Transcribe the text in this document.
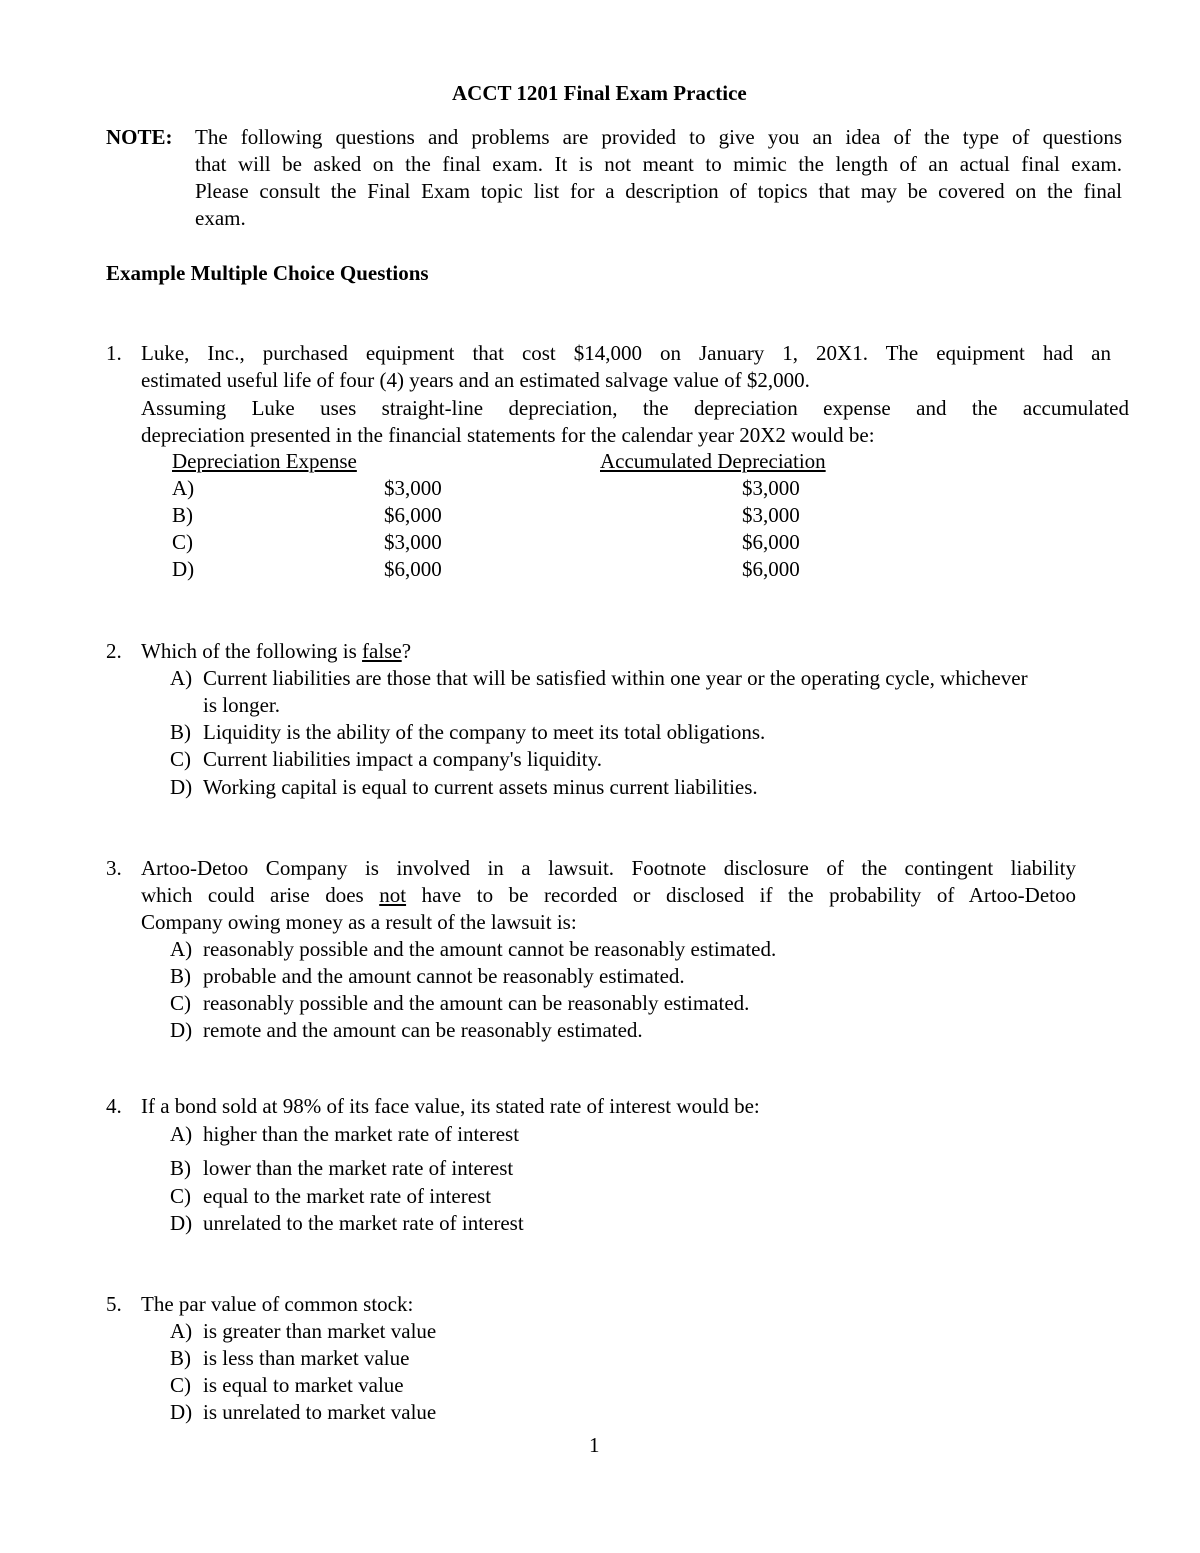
ACCT 1201 Final Exam Practice
NOTE: The following questions and problems are provided to give you an idea of the type of questions
that will be asked on the final exam. It is not meant to mimic the length of an actual final exam.
Please consult the Final Exam topic list for a description of topics that may be covered on the final
exam.
Example Multiple Choice Questions
1. Luke, Inc., purchased equipment that cost $14,000 on January 1, 20X1. The equipment had an
estimated useful life of four (4) years and an estimated salvage value of $2,000.
Assuming Luke uses straight-line depreciation, the depreciation expense and the accumulated
depreciation presented in the financial statements for the calendar year 20X2 would be:
Depreciation Expense	Accumulated Depreciation
A)	$3,000	$3,000
B)	$6,000	$3,000
C)	$3,000	$6,000
D)	$6,000	$6,000
2. Which of the following is false?
A) Current liabilities are those that will be satisfied within one year or the operating cycle, whichever
is longer.
B) Liquidity is the ability of the company to meet its total obligations.
C) Current liabilities impact a company's liquidity.
D) Working capital is equal to current assets minus current liabilities.
3. Artoo-Detoo Company is involved in a lawsuit. Footnote disclosure of the contingent liability
which could arise does not have to be recorded or disclosed if the probability of Artoo-Detoo
Company owing money as a result of the lawsuit is:
A) reasonably possible and the amount cannot be reasonably estimated.
B) probable and the amount cannot be reasonably estimated.
C) reasonably possible and the amount can be reasonably estimated.
D) remote and the amount can be reasonably estimated.
4. If a bond sold at 98% of its face value, its stated rate of interest would be:
A) higher than the market rate of interest
B) lower than the market rate of interest
C) equal to the market rate of interest
D) unrelated to the market rate of interest
5. The par value of common stock:
A) is greater than market value
B) is less than market value
C) is equal to market value
D) is unrelated to market value
1
